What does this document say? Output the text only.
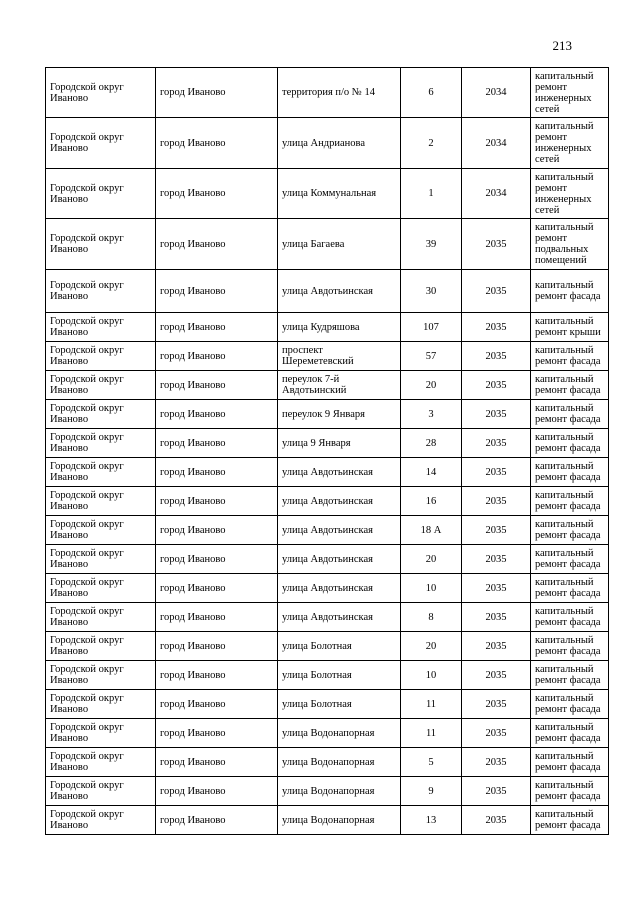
213
Городской округ Иваново	город Иваново	территория п/о № 14	6	2034	капитальный ремонт инженерных сетей
Городской округ Иваново	город Иваново	улица Андрианова	2	2034	капитальный ремонт инженерных сетей
Городской округ Иваново	город Иваново	улица Коммунальная	1	2034	капитальный ремонт инженерных сетей
Городской округ Иваново	город Иваново	улица Багаева	39	2035	капитальный ремонт подвальных помещений
Городской округ Иваново	город Иваново	улица Авдотьинская	30	2035	капитальный ремонт фасада
Городской округ Иваново	город Иваново	улица Кудряшова	107	2035	капитальный ремонт крыши
Городской округ Иваново	город Иваново	проспект Шереметевский	57	2035	капитальный ремонт фасада
Городской округ Иваново	город Иваново	переулок 7-й Авдотьинский	20	2035	капитальный ремонт фасада
Городской округ Иваново	город Иваново	переулок 9 Января	3	2035	капитальный ремонт фасада
Городской округ Иваново	город Иваново	улица 9 Января	28	2035	капитальный ремонт фасада
Городской округ Иваново	город Иваново	улица Авдотьинская	14	2035	капитальный ремонт фасада
Городской округ Иваново	город Иваново	улица Авдотьинская	16	2035	капитальный ремонт фасада
Городской округ Иваново	город Иваново	улица Авдотьинская	18 А	2035	капитальный ремонт фасада
Городской округ Иваново	город Иваново	улица Авдотьинская	20	2035	капитальный ремонт фасада
Городской округ Иваново	город Иваново	улица Авдотьинская	10	2035	капитальный ремонт фасада
Городской округ Иваново	город Иваново	улица Авдотьинская	8	2035	капитальный ремонт фасада
Городской округ Иваново	город Иваново	улица Болотная	20	2035	капитальный ремонт фасада
Городской округ Иваново	город Иваново	улица Болотная	10	2035	капитальный ремонт фасада
Городской округ Иваново	город Иваново	улица Болотная	11	2035	капитальный ремонт фасада
Городской округ Иваново	город Иваново	улица Водонапорная	11	2035	капитальный ремонт фасада
Городской округ Иваново	город Иваново	улица Водонапорная	5	2035	капитальный ремонт фасада
Городской округ Иваново	город Иваново	улица Водонапорная	9	2035	капитальный ремонт фасада
Городской округ Иваново	город Иваново	улица Водонапорная	13	2035	капитальный ремонт фасада
